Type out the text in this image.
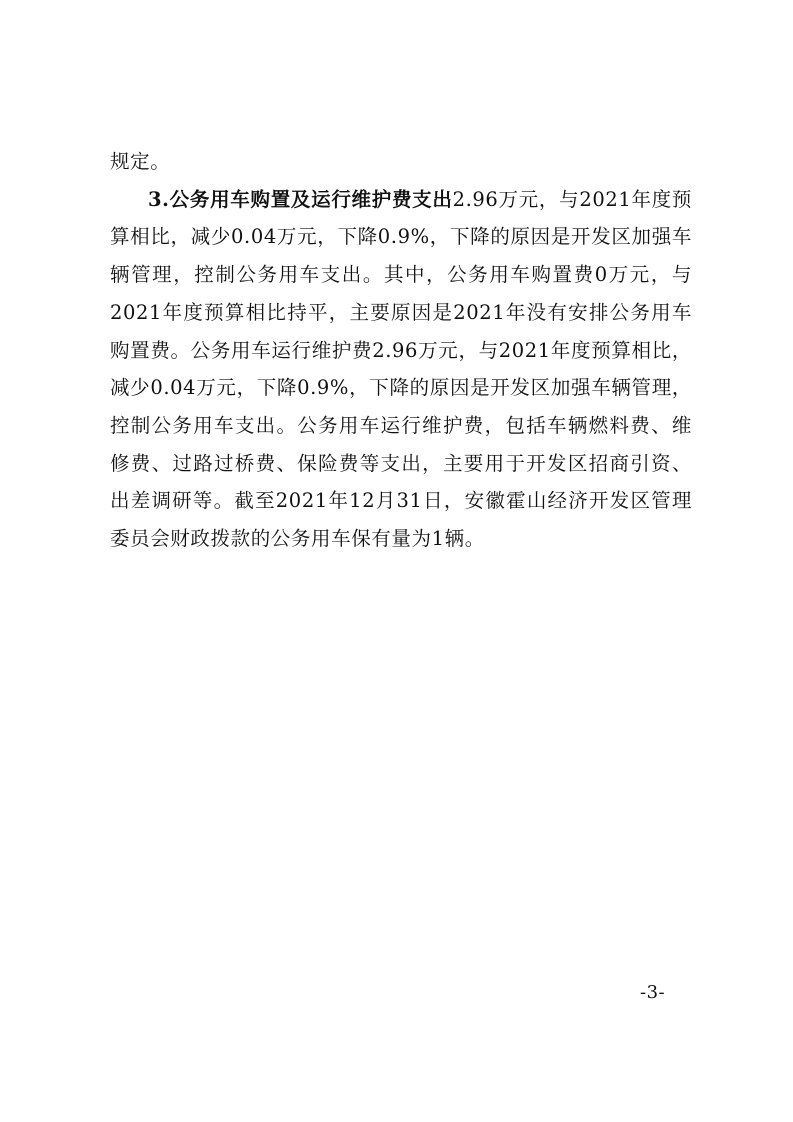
规定。

3.公务用车购置及运行维护费支出2.96万元，与2021年度预算相比，减少0.04万元，下降0.9%，下降的原因是开发区加强车辆管理，控制公务用车支出。其中，公务用车购置费0万元，与2021年度预算相比持平，主要原因是2021年没有安排公务用车购置费。公务用车运行维护费2.96万元，与2021年度预算相比，减少0.04万元，下降0.9%，下降的原因是开发区加强车辆管理，控制公务用车支出。公务用车运行维护费，包括车辆燃料费、维修费、过路过桥费、保险费等支出，主要用于开发区招商引资、出差调研等。截至2021年12月31日，安徽霍山经济开发区管理委员会财政拨款的公务用车保有量为1辆。

-3-
